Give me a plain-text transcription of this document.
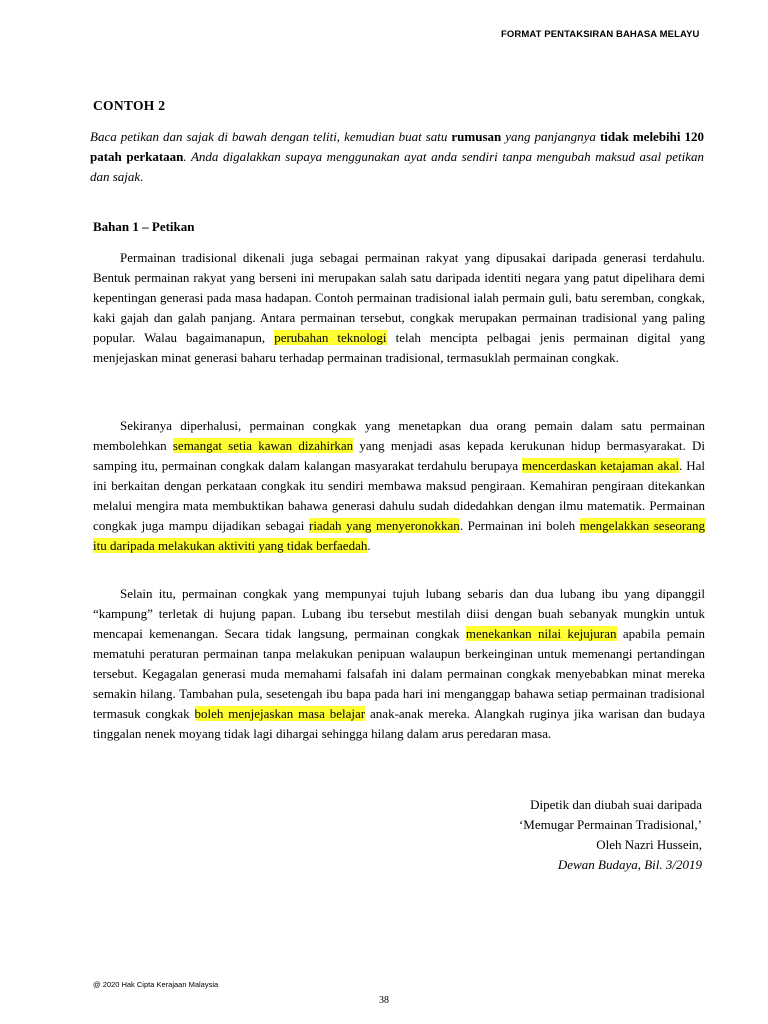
FORMAT PENTAKSIRAN BAHASA MELAYU
CONTOH 2
Baca petikan dan sajak di bawah dengan teliti, kemudian buat satu rumusan yang panjangnya tidak melebihi 120 patah perkataan. Anda digalakkan supaya menggunakan ayat anda sendiri tanpa mengubah maksud asal petikan dan sajak.
Bahan 1 – Petikan

Permainan tradisional dikenali juga sebagai permainan rakyat yang dipusakai daripada generasi terdahulu. Bentuk permainan rakyat yang berseni ini merupakan salah satu daripada identiti negara yang patut dipelihara demi kepentingan generasi pada masa hadapan. Contoh permainan tradisional ialah permain guli, batu seremban, congkak, kaki gajah dan galah panjang. Antara permainan tersebut, congkak merupakan permainan tradisional yang paling popular. Walau bagaimanapun, perubahan teknologi telah mencipta pelbagai jenis permainan digital yang menjejaskan minat generasi baharu terhadap permainan tradisional, termasuklah permainan congkak.

Sekiranya diperhalusi, permainan congkak yang menetapkan dua orang pemain dalam satu permainan membolehkan semangat setia kawan dizahirkan yang menjadi asas kepada kerukunan hidup bermasyarakat. Di samping itu, permainan congkak dalam kalangan masyarakat terdahulu berupaya mencerdaskan ketajaman akal. Hal ini berkaitan dengan perkataan congkak itu sendiri membawa maksud pengiraan. Kemahiran pengiraan ditekankan melalui mengira mata membuktikan bahawa generasi dahulu sudah didedahkan dengan ilmu matematik. Permainan congkak juga mampu dijadikan sebagai riadah yang menyeronokkan. Permainan ini boleh mengelakkan seseorang itu daripada melakukan aktiviti yang tidak berfaedah.

Selain itu, permainan congkak yang mempunyai tujuh lubang sebaris dan dua lubang ibu yang dipanggil “kampung” terletak di hujung papan. Lubang ibu tersebut mestilah diisi dengan buah sebanyak mungkin untuk mencapai kemenangan. Secara tidak langsung, permainan congkak menekankan nilai kejujuran apabila pemain mematuhi peraturan permainan tanpa melakukan penipuan walaupun berkeinginan untuk memenangi pertandingan tersebut. Kegagalan generasi muda memahami falsafah ini dalam permainan congkak menyebabkan minat mereka semakin hilang. Tambahan pula, sesetengah ibu bapa pada hari ini menganggap bahawa setiap permainan tradisional termasuk congkak boleh menjejaskan masa belajar anak-anak mereka. Alangkah ruginya jika warisan dan budaya tinggalan nenek moyang tidak lagi dihargai sehingga hilang dalam arus peredaran masa.

Dipetik dan diubah suai daripada
‘Memugar Permainan Tradisional,’
Oleh Nazri Hussein,
Dewan Budaya, Bil. 3/2019
@ 2020 Hak Cipta Kerajaan Malaysia
38
